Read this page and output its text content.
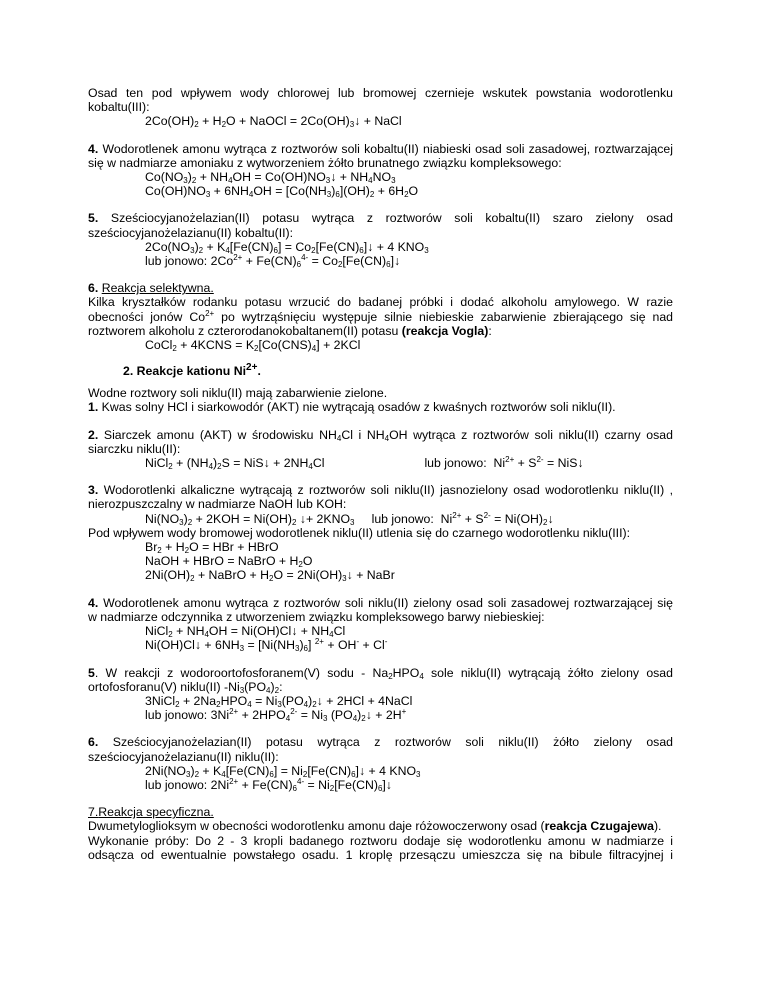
Osad ten pod wpływem wody chlorowej lub bromowej czernieje wskutek powstania wodorotlenku

kobaltu(III):

$2Co(OH)_2 + H_2O$ + NaOCl = $2Co(OH)_3↓$ + NaCl

4. Wodorotlenek amonu wytrąca z roztworów soli kobaltu(II) niabieski osad soli zasadowej, roztwarzającej

się w nadmiarze amoniaku z wytworzeniem żółto brunatnego związku kompleksowego:

$Co(NO_3)_2 + NH_4OH$ = $Co(OH)NO_3↓ + NH_4NO_3$
$Co(OH)NO_3 + 6NH_4OH = [Co(NH_3)_6](OH)_2 + 6H_2O$

5. Sześciocyjanożelazian(II) potasu wytrąca z roztworów soli kobaltu(II) szaro zielony osad

sześciocyjanożelazianu(II) kobaltu(II):

$2Co(NO_3)_2 + K_4[Fe(CN)_6]$ = $Co_2[Fe(CN)_6]↓ + 4$ $KNO_3$
lub jonowo: $2Co^{2+} + Fe(CN)_6^{4-}$ = $Co_2[Fe(CN)_6]↓$

6. Reakcja selektywna.

Kilka kryształków rodanku potasu wrzucić do badanej próbki i dodać alkoholu amylowego. W razie

obecności jonów $Co^{2+}$ po wytrząśnięciu występuje silnie niebieskie zabarwienie zbierającego się nad

roztworem alkoholu z czterorodanokobaltanem(II) potasu (reakcja Vogla):

CoCl$_2$ + 4KCNS = $K_2[Co(CNS)_4] + 2KCl$

2. Reakcje kationu $Ni^{2+}$.

Wodne roztwory soli niklu(II) mają zabarwienie zielone.

1. Kwas solny HCl i siarkowodór (AKT) nie wytrącają osadów z kwaśnych roztworów soli niklu(II).

2. Siarczek amonu (AKT) w środowisku $NH_4Cl$ i $NH_4OH$ wytrąca z roztworów soli niklu(II) czarny osad

siarczku niklu(II):

NiCl$_2$ + $(NH_4)_2S$ = NiS↓ + $2NH_4Cl$	lub jonowo:  $Ni^{2+} + S^{2-}$ = NiS↓

3. Wodorotlenki alkaliczne wytrącają z roztworów soli niklu(II) jasnozielony osad wodorotlenku niklu(II) ,

nierozpuszczalny w nadmiarze NaOH lub KOH:

$Ni(NO_3)_2 + 2KOH = Ni(OH)_2$ ↓+ $2KNO_3$     lub jonowo:  $Ni^{2+} + S^{2-}$ = $Ni(OH)_2↓$

Pod wpływem wody bromowej wodorotlenek niklu(II) utlenia się do czarnego wodorotlenku niklu(III):

$Br_2 + H_2O$ = HBr + HBrO
NaOH + HBrO = NaBrO + $H_2O$
$2Ni(OH)_2$ + NaBrO + $H_2O$ = $2Ni(OH)_3↓$ + NaBr

4. Wodorotlenek amonu wytrąca z roztworów soli niklu(II) zielony osad soli zasadowej roztwarzającej się

w nadmiarze odczynnika z utworzeniem związku kompleksowego barwy niebieskiej:

NiCl$_2$ + $NH_4OH$ = Ni(OH)Cl↓ + $NH_4Cl$
Ni(OH)Cl↓ + $6NH_3 = [Ni(NH_3)_6] ^{2+} + OH^- + Cl^-$

5. W reakcji z wodoroortofosforanem(V) sodu - $Na_2HPO_4$ sole niklu(II) wytrącają żółto zielony osad

ortofosforanu(V) niklu(II) $-Ni_3(PO_4)_2$:

3NiCl$_2$ + $2Na_2HPO_4$ = $Ni_3(PO_4)_2↓ + 2HCl$ + 4NaCl
lub jonowo: $3Ni^{2+} + 2HPO_4^{2-} = Ni_3$ $(PO_4)_2↓ + 2H^+$

6. Sześciocyjanożelazian(II) potasu wytrąca z roztworów soli niklu(II) żółto zielony osad

sześciocyjanożelazianu(II) niklu(II):

$2Ni(NO_3)_2 + K_4[Fe(CN)_6]$ = $Ni_2[Fe(CN)_6]↓ + 4$ $KNO_3$
lub jonowo: $2Ni^{2+} + Fe(CN)_6^{4-}$ = $Ni_2[Fe(CN)_6]↓$

7.Reakcja specyficzna.

Dwumetyloglioksym w obecności wodorotlenku amonu daje różowoczerwony osad (reakcja Czugajewa).

Wykonanie próby: Do 2 - 3 kropli badanego roztworu dodaje się wodorotlenku amonu w nadmiarze i

odsącza od ewentualnie powstałego osadu. 1 kroplę przesączu umieszcza się na bibule filtracyjnej i
